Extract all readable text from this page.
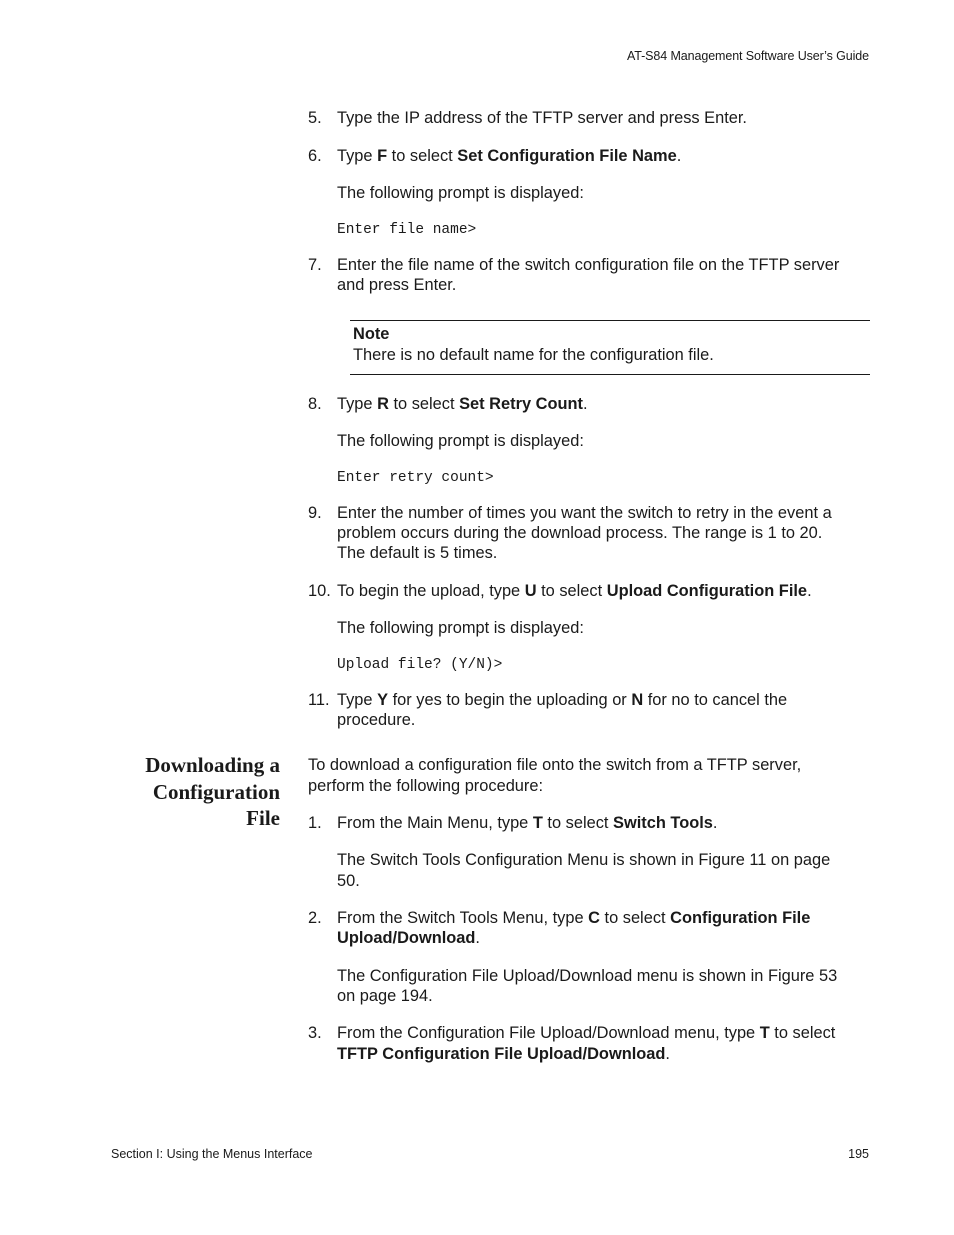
AT-S84 Management Software User’s Guide
5. Type the IP address of the TFTP server and press Enter.
6. Type F to select Set Configuration File Name.
The following prompt is displayed:
Enter file name>
7. Enter the file name of the switch configuration file on the TFTP server
and press Enter.
Note
There is no default name for the configuration file.
8. Type R to select Set Retry Count.
The following prompt is displayed:
Enter retry count>
9. Enter the number of times you want the switch to retry in the event a
problem occurs during the download process. The range is 1 to 20.
The default is 5 times.
10. To begin the upload, type U to select Upload Configuration File.
The following prompt is displayed:
Upload file? (Y/N)>
11. Type Y for yes to begin the uploading or N for no to cancel the
procedure.
Downloading a
Configuration
File
To download a configuration file onto the switch from a TFTP server,
perform the following procedure:
1. From the Main Menu, type T to select Switch Tools.
The Switch Tools Configuration Menu is shown in Figure 11 on page
50.
2. From the Switch Tools Menu, type C to select Configuration File
Upload/Download.
The Configuration File Upload/Download menu is shown in Figure 53
on page 194.
3. From the Configuration File Upload/Download menu, type T to select
TFTP Configuration File Upload/Download.
Section I: Using the Menus Interface	195
